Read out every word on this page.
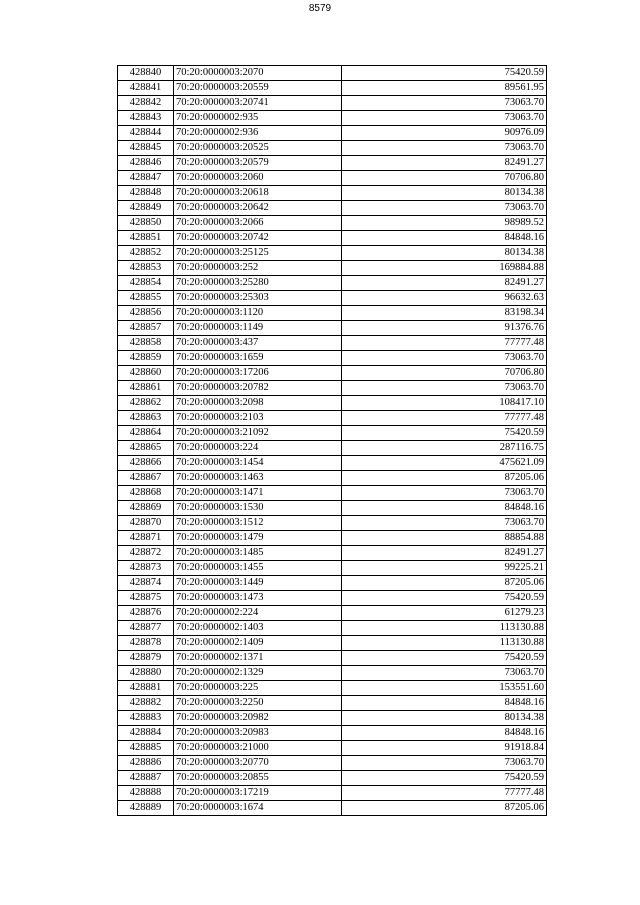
8579
428840	70:20:0000003:2070	75420.59
428841	70:20:0000003:20559	89561.95
428842	70:20:0000003:20741	73063.70
428843	70:20:0000002:935	73063.70
428844	70:20:0000002:936	90976.09
428845	70:20:0000003:20525	73063.70
428846	70:20:0000003:20579	82491.27
428847	70:20:0000003:2060	70706.80
428848	70:20:0000003:20618	80134.38
428849	70:20:0000003:20642	73063.70
428850	70:20:0000003:2066	98989.52
428851	70:20:0000003:20742	84848.16
428852	70:20:0000003:25125	80134.38
428853	70:20:0000003:252	169884.88
428854	70:20:0000003:25280	82491.27
428855	70:20:0000003:25303	96632.63
428856	70:20:0000003:1120	83198.34
428857	70:20:0000003:1149	91376.76
428858	70:20:0000003:437	77777.48
428859	70:20:0000003:1659	73063.70
428860	70:20:0000003:17206	70706.80
428861	70:20:0000003:20782	73063.70
428862	70:20:0000003:2098	108417.10
428863	70:20:0000003:2103	77777.48
428864	70:20:0000003:21092	75420.59
428865	70:20:0000003:224	287116.75
428866	70:20:0000003:1454	475621.09
428867	70:20:0000003:1463	87205.06
428868	70:20:0000003:1471	73063.70
428869	70:20:0000003:1530	84848.16
428870	70:20:0000003:1512	73063.70
428871	70:20:0000003:1479	88854.88
428872	70:20:0000003:1485	82491.27
428873	70:20:0000003:1455	99225.21
428874	70:20:0000003:1449	87205.06
428875	70:20:0000003:1473	75420.59
428876	70:20:0000002:224	61279.23
428877	70:20:0000002:1403	113130.88
428878	70:20:0000002:1409	113130.88
428879	70:20:0000002:1371	75420.59
428880	70:20:0000002:1329	73063.70
428881	70:20:0000003:225	153551.60
428882	70:20:0000003:2250	84848.16
428883	70:20:0000003:20982	80134.38
428884	70:20:0000003:20983	84848.16
428885	70:20:0000003:21000	91918.84
428886	70:20:0000003:20770	73063.70
428887	70:20:0000003:20855	75420.59
428888	70:20:0000003:17219	77777.48
428889	70:20:0000003:1674	87205.06
